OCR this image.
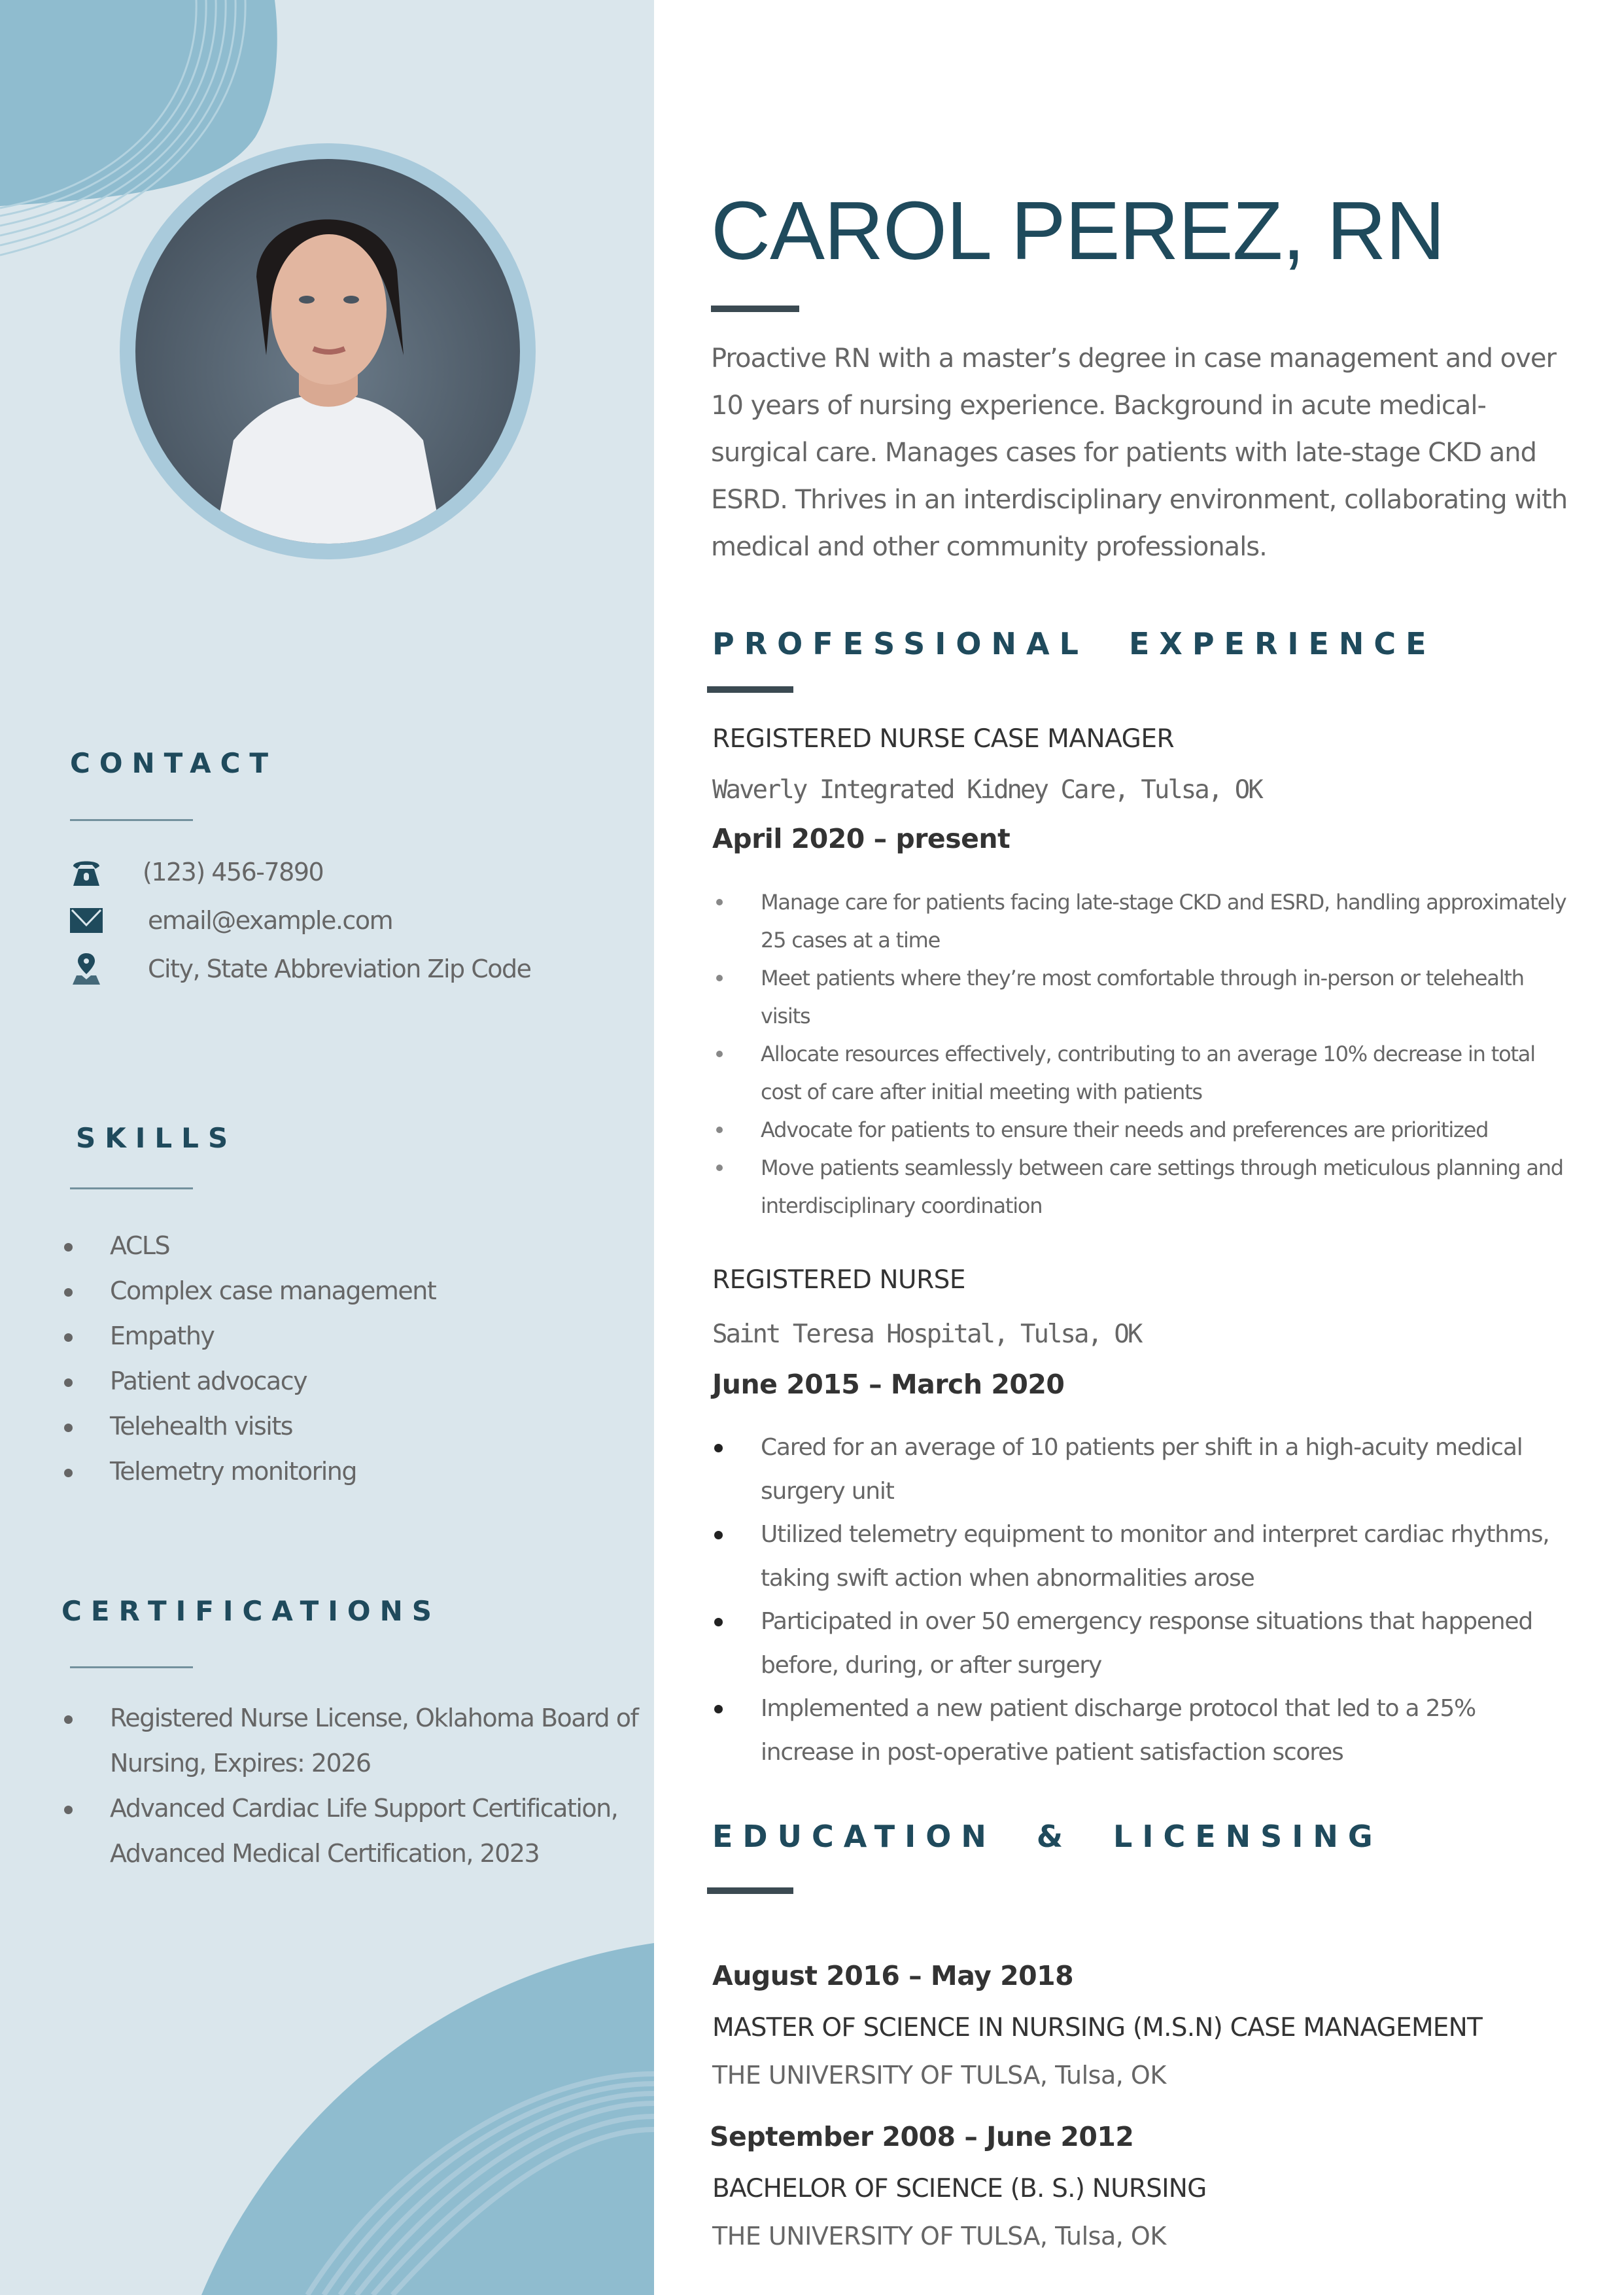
CONTACT
(123) 456-7890
email@example.com
City, State Abbreviation Zip Code
SKILLS
ACLS
Complex case management
Empathy
Patient advocacy
Telehealth visits
Telemetry monitoring
CERTIFICATIONS
Registered Nurse License, Oklahoma Board of Nursing, Expires: 2026
Advanced Cardiac Life Support Certification, Advanced Medical Certification, 2023
CAROL PEREZ, RN
Proactive RN with a master’s degree in case management and over 10 years of nursing experience. Background in acute medical-surgical care. Manages cases for patients with late-stage CKD and ESRD. Thrives in an interdisciplinary environment, collaborating with medical and other community professionals.
PROFESSIONAL  EXPERIENCE
REGISTERED NURSE CASE MANAGER
Waverly Integrated Kidney Care, Tulsa, OK
April 2020 – present
Manage care for patients facing late-stage CKD and ESRD, handling approximately 25 cases at a time
Meet patients where they’re most comfortable through in-person or telehealth visits
Allocate resources effectively, contributing to an average 10% decrease in total cost of care after initial meeting with patients
Advocate for patients to ensure their needs and preferences are prioritized
Move patients seamlessly between care settings through meticulous planning and interdisciplinary coordination
REGISTERED NURSE
Saint Teresa Hospital, Tulsa, OK
June 2015 – March 2020
Cared for an average of 10 patients per shift in a high-acuity medical surgery unit
Utilized telemetry equipment to monitor and interpret cardiac rhythms, taking swift action when abnormalities arose
Participated in over 50 emergency response situations that happened before, during, or after surgery
Implemented a new patient discharge protocol that led to a 25% increase in post-operative patient satisfaction scores
EDUCATION  &  LICENSING
August 2016 – May 2018
MASTER OF SCIENCE IN NURSING (M.S.N) CASE MANAGEMENT
THE UNIVERSITY OF TULSA, Tulsa, OK
September 2008 – June 2012
BACHELOR OF SCIENCE (B. S.) NURSING
THE UNIVERSITY OF TULSA, Tulsa, OK
